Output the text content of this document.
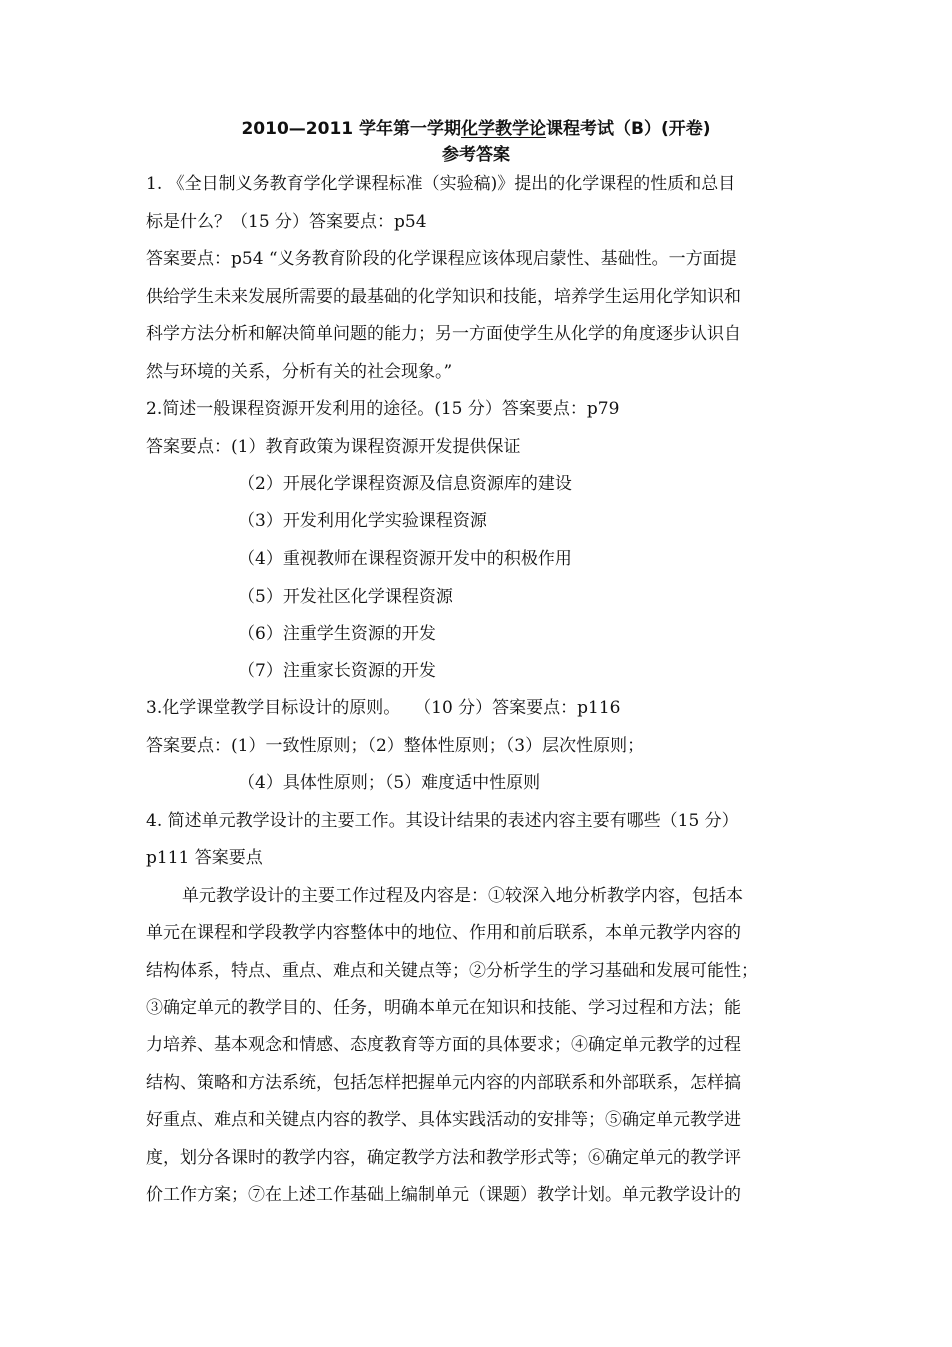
2010—2011 学年第一学期化学教学论课程考试（B）(开卷)
参考答案
1. 《全日制义务教育学化学课程标准（实验稿)》提出的化学课程的性质和总目
标是什么？（15 分）答案要点：p54
答案要点：p54 “义务教育阶段的化学课程应该体现启蒙性、基础性。一方面提
供给学生未来发展所需要的最基础的化学知识和技能，培养学生运用化学知识和
科学方法分析和解决简单问题的能力；另一方面使学生从化学的角度逐步认识自
然与环境的关系，分析有关的社会现象。”
2.简述一般课程资源开发利用的途径。(15 分）答案要点：p79
答案要点：(1）教育政策为课程资源开发提供保证
（2）开展化学课程资源及信息资源库的建设
（3）开发利用化学实验课程资源
（4）重视教师在课程资源开发中的积极作用
（5）开发社区化学课程资源
（6）注重学生资源的开发
（7）注重家长资源的开发
3.化学课堂教学目标设计的原则。　 （10 分）答案要点：p116
答案要点：(1）一致性原则；（2）整体性原则；（3）层次性原则；
（4）具体性原则；（5）难度适中性原则
4. 简述单元教学设计的主要工作。其设计结果的表述内容主要有哪些（15 分）
p111 答案要点
单元教学设计的主要工作过程及内容是：①较深入地分析教学内容，包括本
单元在课程和学段教学内容整体中的地位、作用和前后联系，本单元教学内容的
结构体系，特点、重点、难点和关键点等；②分析学生的学习基础和发展可能性；
③确定单元的教学目的、任务，明确本单元在知识和技能、学习过程和方法；能
力培养、基本观念和情感、态度教育等方面的具体要求；④确定单元教学的过程
结构、策略和方法系统，包括怎样把握单元内容的内部联系和外部联系，怎样搞
好重点、难点和关键点内容的教学、具体实践活动的安排等；⑤确定单元教学进
度，划分各课时的教学内容，确定教学方法和教学形式等；⑥确定单元的教学评
价工作方案；⑦在上述工作基础上编制单元（课题）教学计划。单元教学设计的
